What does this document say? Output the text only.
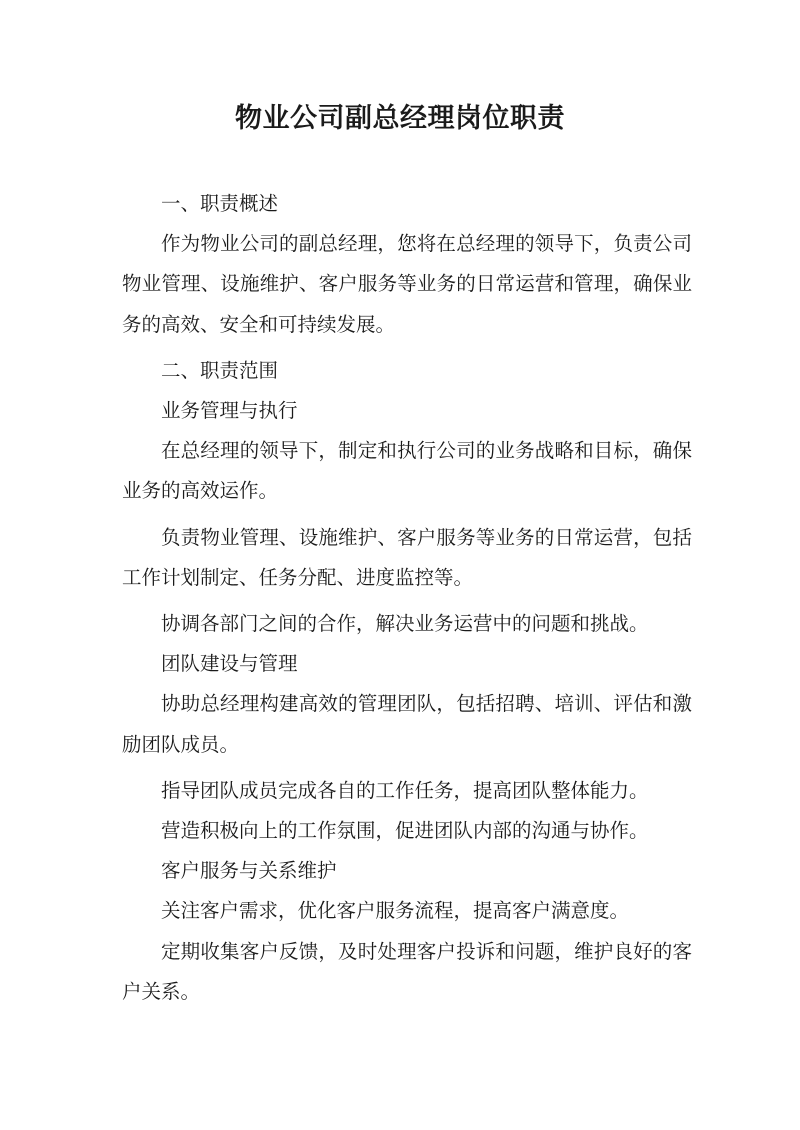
物业公司副总经理岗位职责

一、职责概述

作为物业公司的副总经理，您将在总经理的领导下，负责公司物业管理、设施维护、客户服务等业务的日常运营和管理，确保业务的高效、安全和可持续发展。

二、职责范围

业务管理与执行

在总经理的领导下，制定和执行公司的业务战略和目标，确保业务的高效运作。

负责物业管理、设施维护、客户服务等业务的日常运营，包括工作计划制定、任务分配、进度监控等。

协调各部门之间的合作，解决业务运营中的问题和挑战。

团队建设与管理

协助总经理构建高效的管理团队，包括招聘、培训、评估和激励团队成员。

指导团队成员完成各自的工作任务，提高团队整体能力。

营造积极向上的工作氛围，促进团队内部的沟通与协作。

客户服务与关系维护

关注客户需求，优化客户服务流程，提高客户满意度。

定期收集客户反馈，及时处理客户投诉和问题，维护良好的客户关系。
